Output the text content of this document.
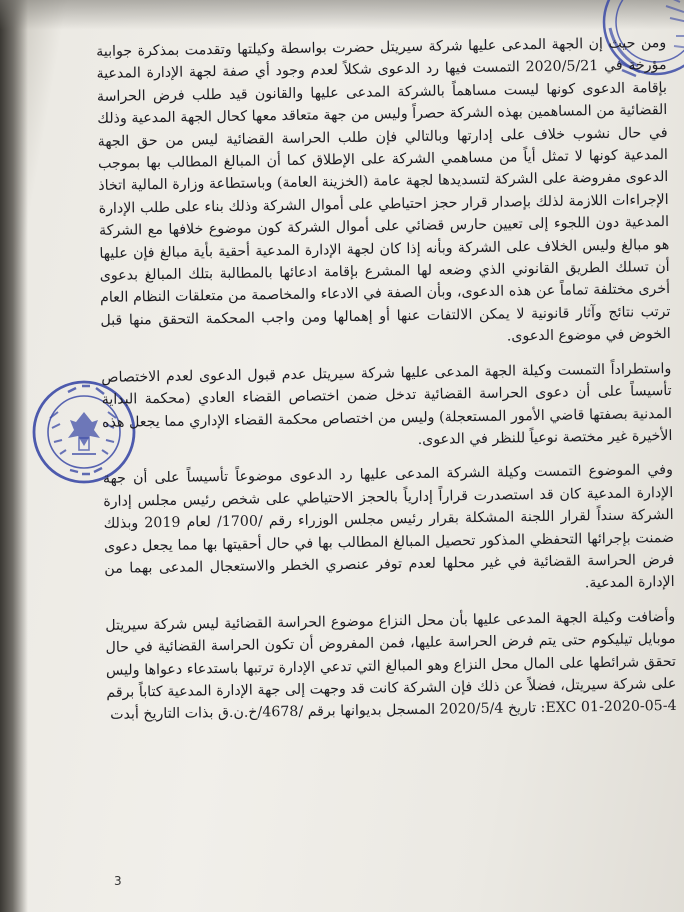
ومن حيث إن الجهة المدعى عليها شركة سيريتل حضرت بواسطة وكيلتها وتقدمت بمذكرة جوابية مؤرخة في 2020/5/21 التمست فيها رد الدعوى شكلاً لعدم وجود أي صفة لجهة الإدارة المدعية بإقامة الدعوى كونها ليست مساهماً بالشركة المدعى عليها والقانون قيد طلب فرض الحراسة القضائية من المساهمين بهذه الشركة حصراً وليس من جهة متعاقد معها كحال الجهة المدعية وذلك في حال نشوب خلاف على إدارتها وبالتالي فإن طلب الحراسة القضائية ليس من حق الجهة المدعية كونها لا تمثل أياً من مساهمي الشركة على الإطلاق كما أن المبالغ المطالب بها بموجب الدعوى مفروضة على الشركة لتسديدها لجهة عامة (الخزينة العامة) وباستطاعة وزارة المالية اتخاذ الإجراءات اللازمة لذلك بإصدار قرار حجز احتياطي على أموال الشركة وذلك بناء على طلب الإدارة المدعية دون اللجوء إلى تعيين حارس قضائي على أموال الشركة كون موضوع خلافها مع الشركة هو مبالغ وليس الخلاف على الشركة وبأنه إذا كان لجهة الإدارة المدعية أحقية بأية مبالغ فإن عليها أن تسلك الطريق القانوني الذي وضعه لها المشرع بإقامة ادعائها بالمطالبة بتلك المبالغ بدعوى أخرى مختلفة تماماً عن هذه الدعوى، وبأن الصفة في الادعاء والمخاصمة من متعلقات النظام العام ترتب نتائج وآثار قانونية لا يمكن الالتفات عنها أو إهمالها ومن واجب المحكمة التحقق منها قبل الخوض في موضوع الدعوى.

واستطراداً التمست وكيلة الجهة المدعى عليها شركة سيريتل عدم قبول الدعوى لعدم الاختصاص تأسيساً على أن دعوى الحراسة القضائية تدخل ضمن اختصاص القضاء العادي (محكمة البداية المدنية بصفتها قاضي الأمور المستعجلة) وليس من اختصاص محكمة القضاء الإداري مما يجعل هذه الأخيرة غير مختصة نوعياً للنظر في الدعوى.

وفي الموضوع التمست وكيلة الشركة المدعى عليها رد الدعوى موضوعاً تأسيساً على أن جهة الإدارة المدعية كان قد استصدرت قراراً إدارياً بالحجز الاحتياطي على شخص رئيس مجلس إدارة الشركة سنداً لقرار اللجنة المشكلة بقرار رئيس مجلس الوزراء رقم /1700/ لعام 2019 وبذلك ضمنت بإجرائها التحفظي المذكور تحصيل المبالغ المطالب بها في حال أحقيتها بها مما يجعل دعوى فرض الحراسة القضائية في غير محلها لعدم توفر عنصري الخطر والاستعجال المدعى بهما من الإدارة المدعية.

وأضافت وكيلة الجهة المدعى عليها بأن محل النزاع موضوع الحراسة القضائية ليس شركة سيريتل موبايل تيليكوم حتى يتم فرض الحراسة عليها، فمن المفروض أن تكون الحراسة القضائية في حال تحقق شرائطها على المال محل النزاع وهو المبالغ التي تدعي الإدارة ترتبها باستدعاء دعواها وليس على شركة سيريتل، فضلاً عن ذلك فإن الشركة كانت قد وجهت إلى جهة الإدارة المدعية كتاباً برقم EXC 01-2020-05-4: تاريخ 2020/5/4 المسجل بديوانها برقم /4678/خ.ن.ق بذات التاريخ أبدت

3
